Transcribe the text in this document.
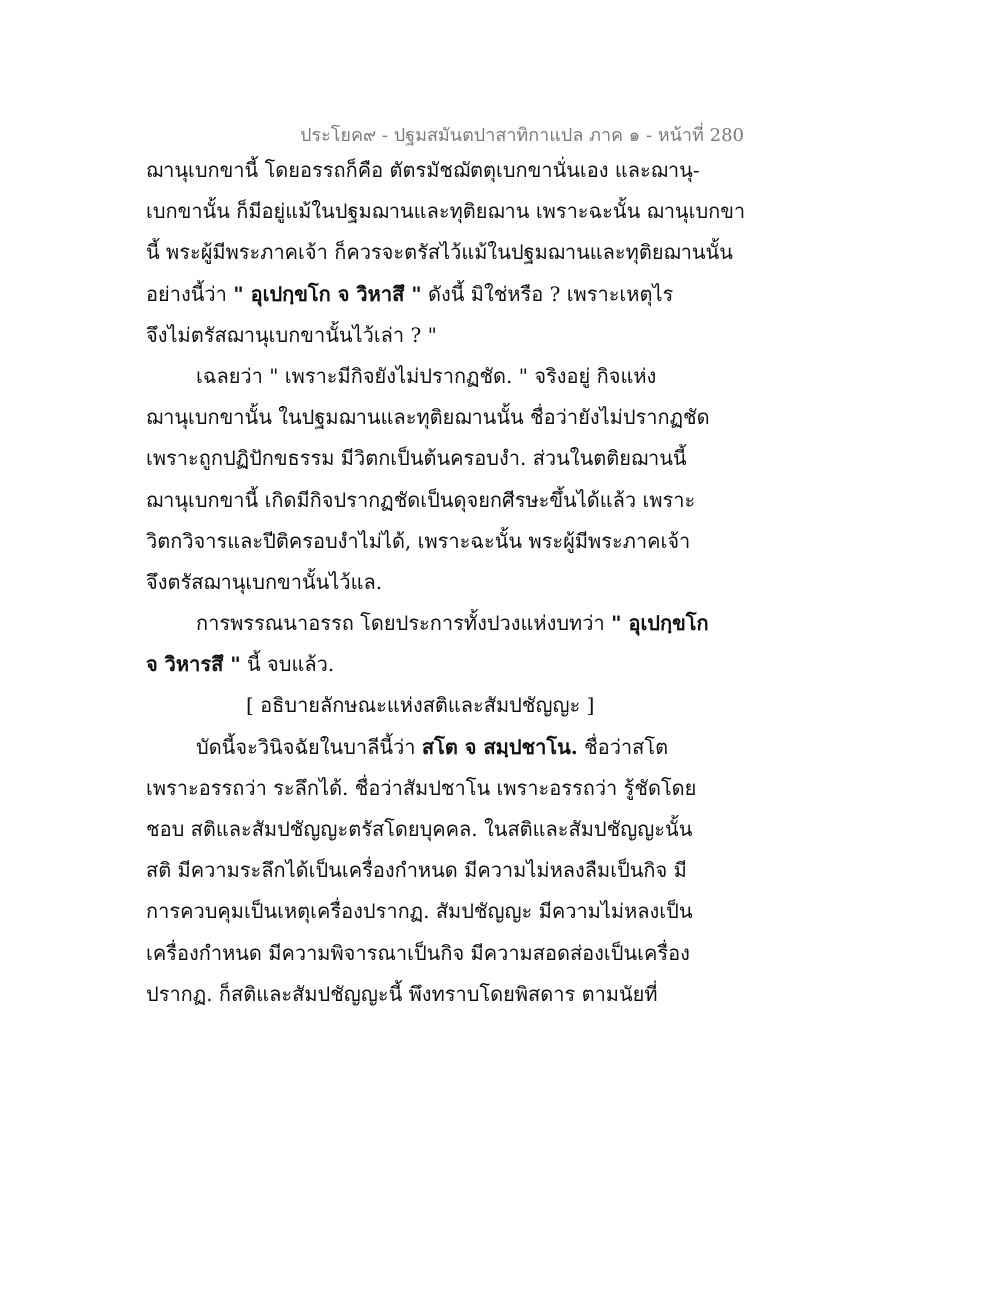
ประโยค๙ - ปฐมสมันตปาสาทิกาแปล ภาค ๑ - หน้าที่ 280
ฌานุเบกขานี้ โดยอรรถก็คือ ตัตรมัชฌัตตุเบกขานั่นเอง และฌานุ-
เบกขานั้น ก็มีอยู่แม้ในปฐมฌานและทุติยฌาน เพราะฉะนั้น ฌานุเบกขา
นี้ พระผู้มีพระภาคเจ้า ก็ควรจะตรัสไว้แม้ในปฐมฌานและทุติยฌานนั้น
อย่างนี้ว่า " อุเปกฺขโก จ วิหาสึ " ดังนี้ มิใช่หรือ ? เพราะเหตุไร
จึงไม่ตรัสฌานุเบกขานั้นไว้เล่า ? "
เฉลยว่า " เพราะมีกิจยังไม่ปรากฏชัด. " จริงอยู่ กิจแห่ง
ฌานุเบกขานั้น ในปฐมฌานและทุติยฌานนั้น ชื่อว่ายังไม่ปรากฏชัด
เพราะถูกปฏิปักขธรรม มีวิตกเป็นต้นครอบงำ. ส่วนในตติยฌานนี้
ฌานุเบกขานี้ เกิดมีกิจปรากฏชัดเป็นดุจยกศีรษะขึ้นได้แล้ว เพราะ
วิตกวิจารและปีติครอบงำไม่ได้, เพราะฉะนั้น พระผู้มีพระภาคเจ้า
จึงตรัสฌานุเบกขานั้นไว้แล.
การพรรณนาอรรถ โดยประการทั้งปวงแห่งบทว่า " อุเปกฺขโก
จ วิหารสึ " นี้ จบแล้ว.
[ อธิบายลักษณะแห่งสติและสัมปชัญญะ ]
บัดนี้จะวินิจฉัยในบาลีนี้ว่า สโต จ สมฺปชาโน. ชื่อว่าสโต
เพราะอรรถว่า ระลึกได้. ชื่อว่าสัมปชาโน เพราะอรรถว่า รู้ชัดโดย
ชอบ สติและสัมปชัญญะตรัสโดยบุคคล. ในสติและสัมปชัญญะนั้น
สติ มีความระลึกได้เป็นเครื่องกำหนด มีความไม่หลงลืมเป็นกิจ มี
การควบคุมเป็นเหตุเครื่องปรากฏ. สัมปชัญญะ มีความไม่หลงเป็น
เครื่องกำหนด มีความพิจารณาเป็นกิจ มีความสอดส่องเป็นเครื่อง
ปรากฏ. ก็สติและสัมปชัญญะนี้ พึงทราบโดยพิสดาร ตามนัยที่
